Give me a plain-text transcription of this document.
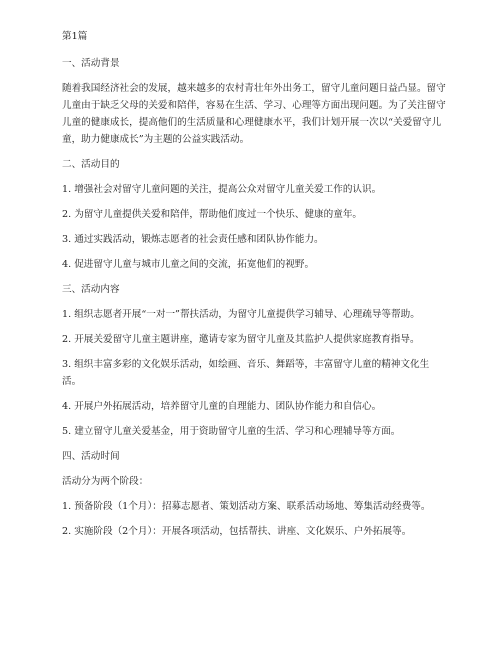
第1篇

一、活动背景

随着我国经济社会的发展，越来越多的农村青壮年外出务工，留守儿童问题日益凸显。留守儿童由于缺乏父母的关爱和陪伴，容易在生活、学习、心理等方面出现问题。为了关注留守儿童的健康成长，提高他们的生活质量和心理健康水平，我们计划开展一次以“关爱留守儿童，助力健康成长”为主题的公益实践活动。

二、活动目的

1. 增强社会对留守儿童问题的关注，提高公众对留守儿童关爱工作的认识。

2. 为留守儿童提供关爱和陪伴，帮助他们度过一个快乐、健康的童年。

3. 通过实践活动，锻炼志愿者的社会责任感和团队协作能力。

4. 促进留守儿童与城市儿童之间的交流，拓宽他们的视野。

三、活动内容

1. 组织志愿者开展“一对一”帮扶活动，为留守儿童提供学习辅导、心理疏导等帮助。

2. 开展关爱留守儿童主题讲座，邀请专家为留守儿童及其监护人提供家庭教育指导。

3. 组织丰富多彩的文化娱乐活动，如绘画、音乐、舞蹈等，丰富留守儿童的精神文化生活。

4. 开展户外拓展活动，培养留守儿童的自理能力、团队协作能力和自信心。

5. 建立留守儿童关爱基金，用于资助留守儿童的生活、学习和心理辅导等方面。

四、活动时间

活动分为两个阶段：

1. 预备阶段（1个月）：招募志愿者、策划活动方案、联系活动场地、筹集活动经费等。

2. 实施阶段（2个月）：开展各项活动，包括帮扶、讲座、文化娱乐、户外拓展等。
